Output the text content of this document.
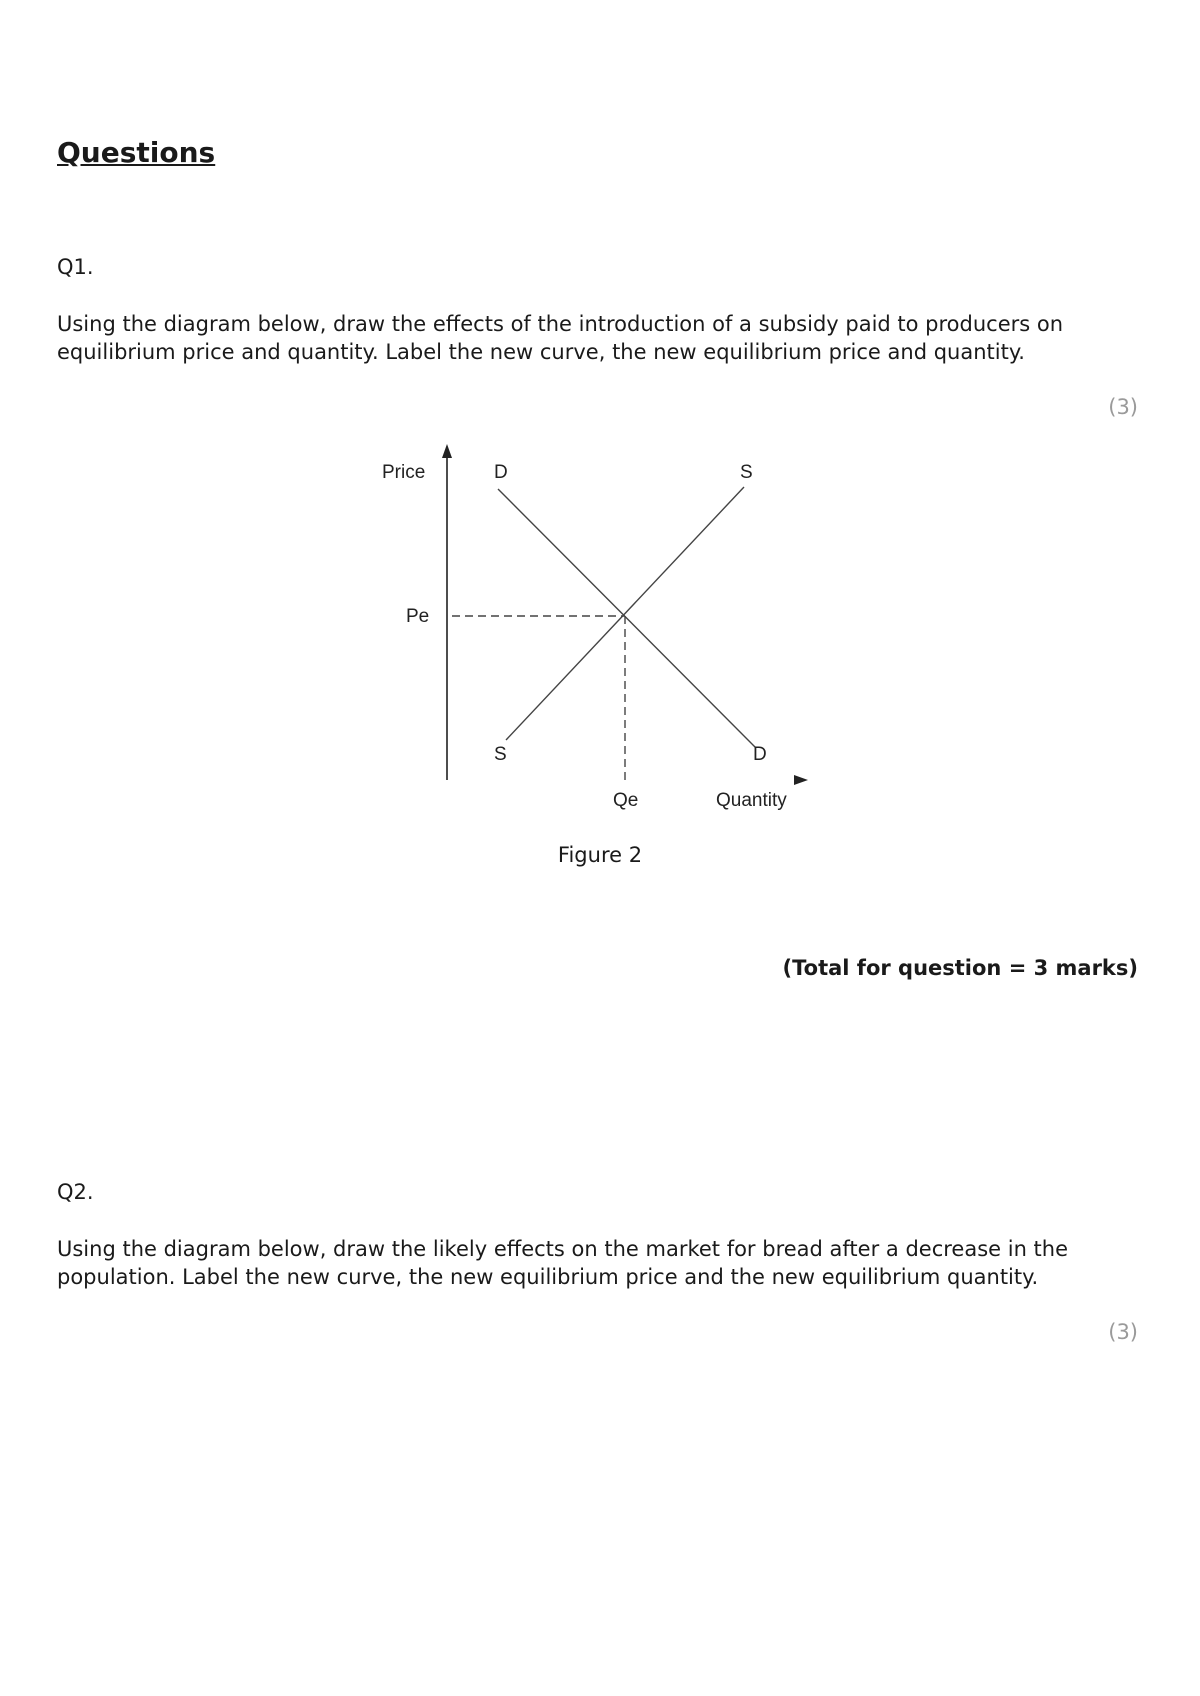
Questions
Q1.

Using the diagram below, draw the effects of the introduction of a subsidy paid to producers on equilibrium price and quantity. Label the new curve, the new equilibrium price and quantity.

(3)
Price	D	S
Pe
S	D
Qe	Quantity
Figure 2
(Total for question = 3 marks)
Q2.

Using the diagram below, draw the likely effects on the market for bread after a decrease in the population. Label the new curve, the new equilibrium price and the new equilibrium quantity.

(3)
